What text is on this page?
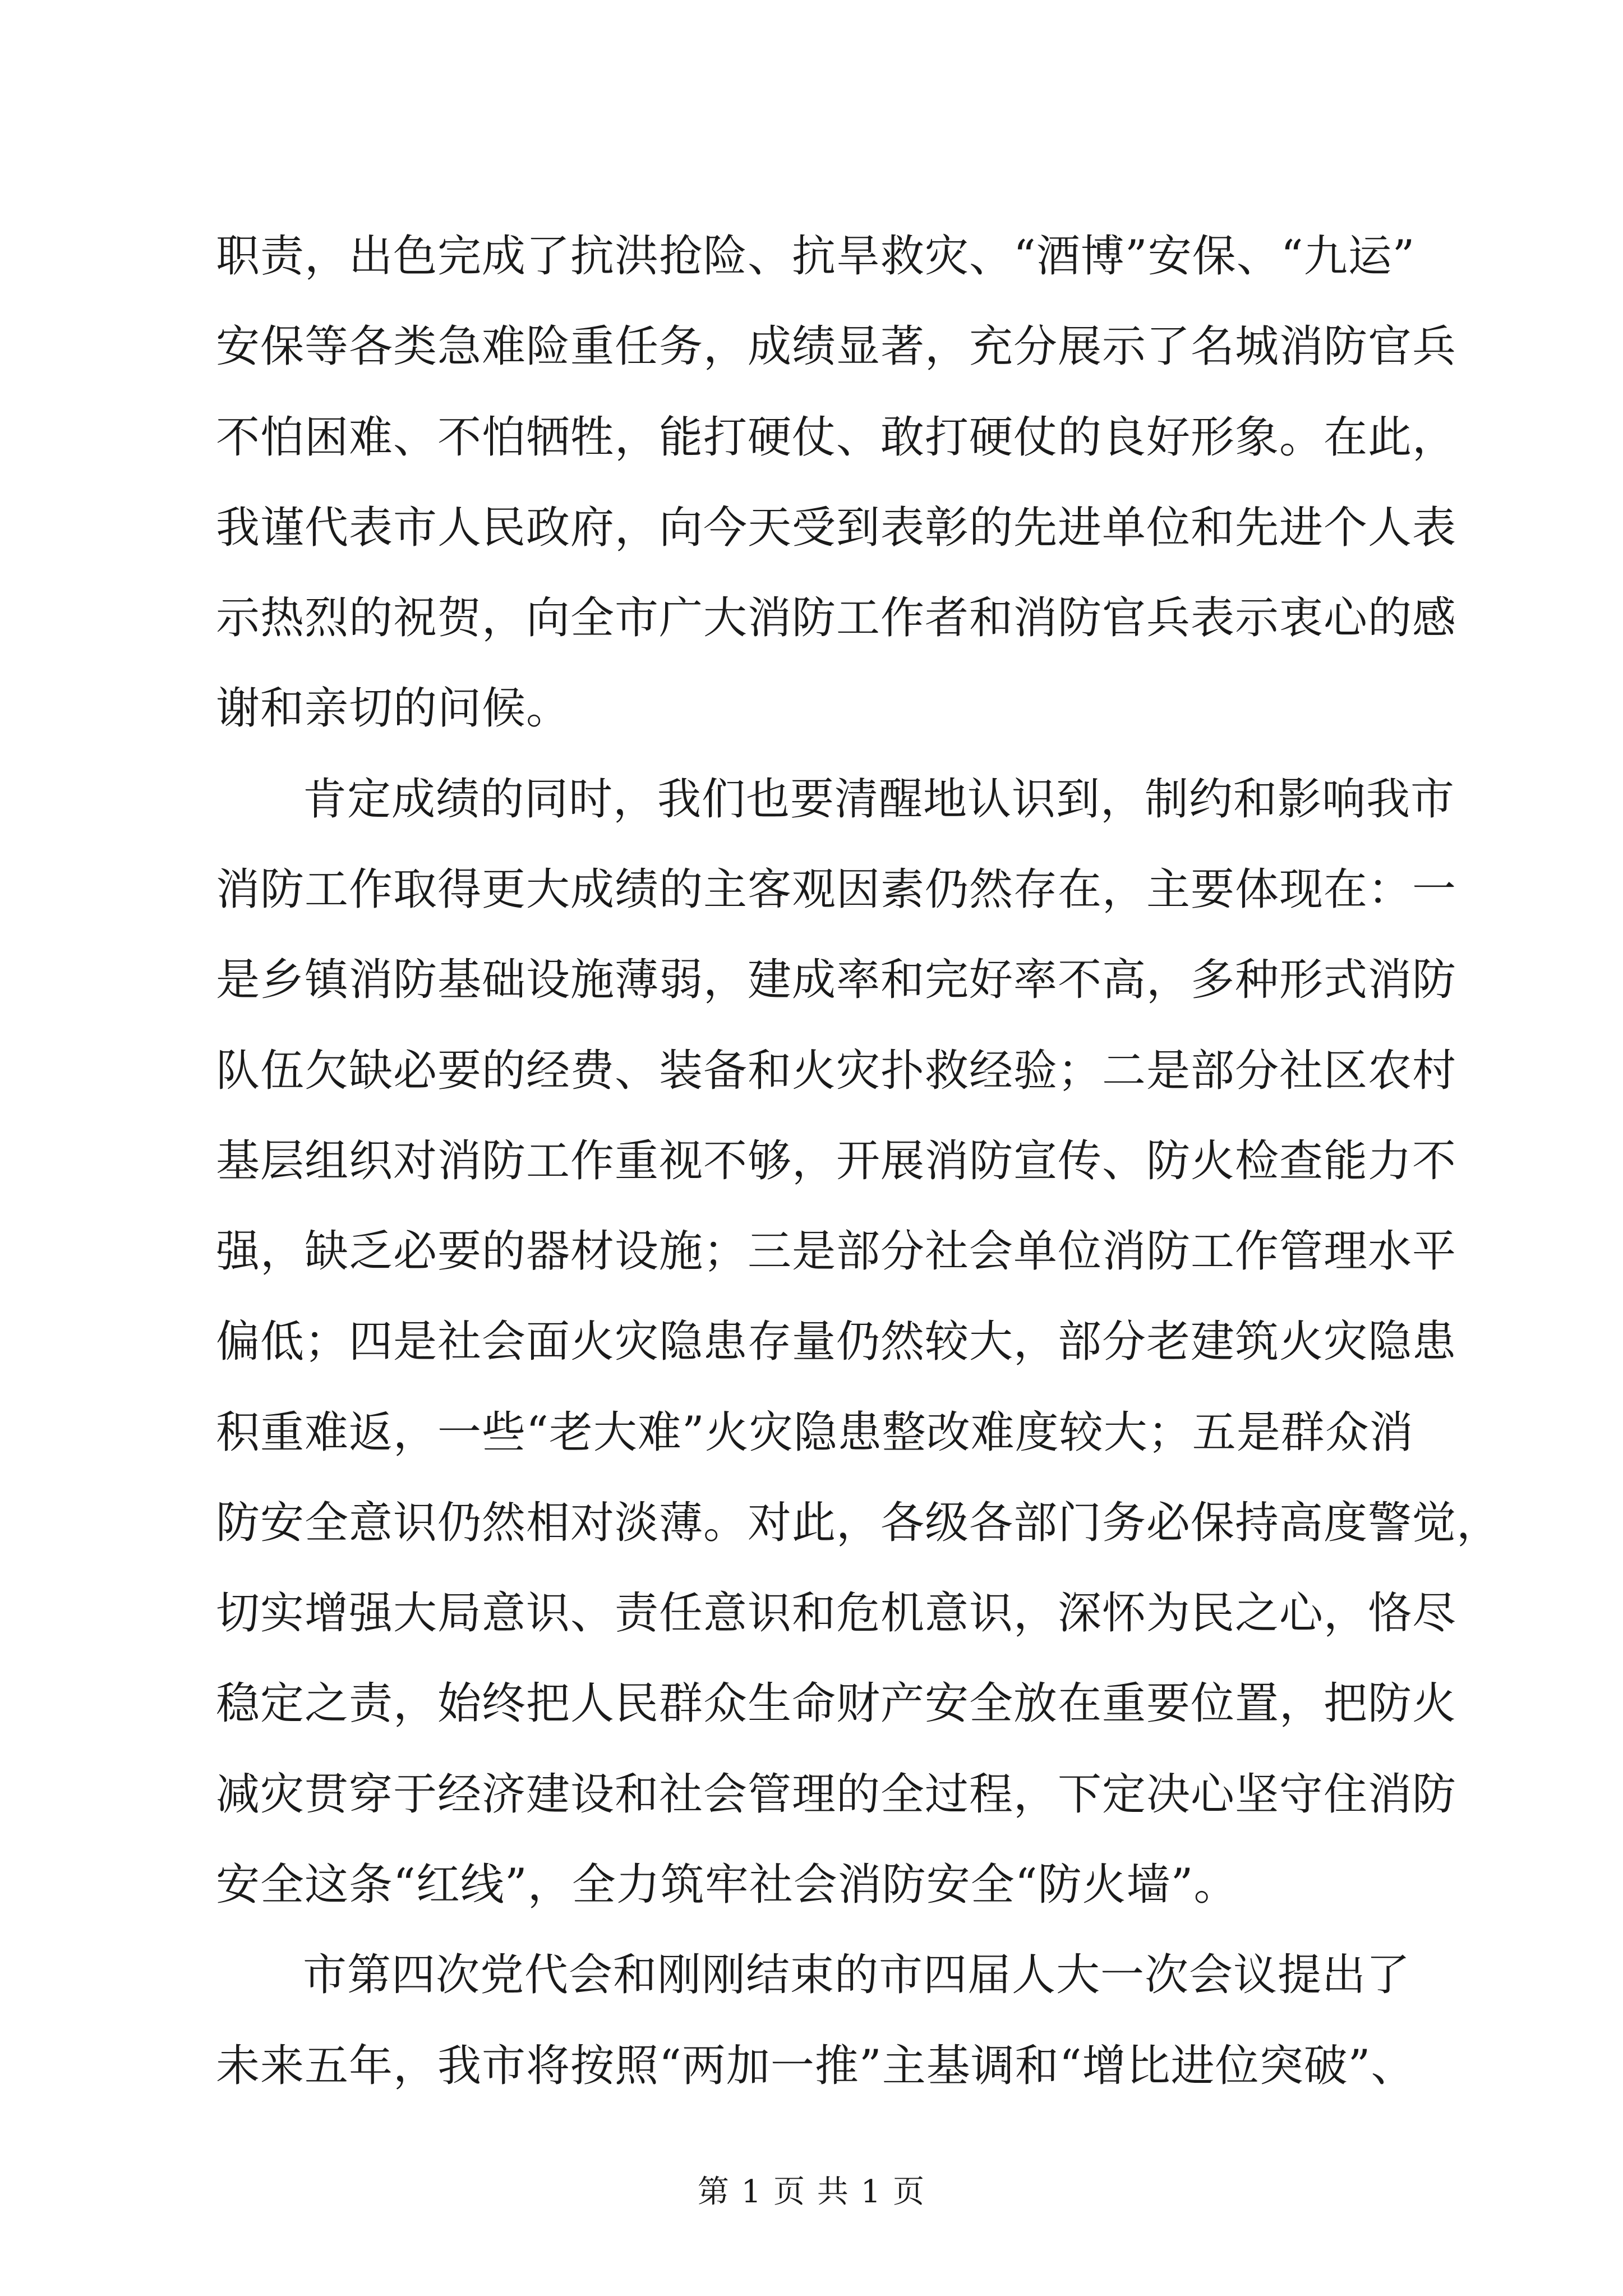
职责，出色完成了抗洪抢险、抗旱救灾、“酒博”安保、“九运”
安保等各类急难险重任务，成绩显著，充分展示了名城消防官兵
不怕困难、不怕牺牲，能打硬仗、敢打硬仗的良好形象。在此，
我谨代表市人民政府，向今天受到表彰的先进单位和先进个人表
示热烈的祝贺，向全市广大消防工作者和消防官兵表示衷心的感
谢和亲切的问候。
肯定成绩的同时，我们也要清醒地认识到，制约和影响我市
消防工作取得更大成绩的主客观因素仍然存在，主要体现在：一
是乡镇消防基础设施薄弱，建成率和完好率不高，多种形式消防
队伍欠缺必要的经费、装备和火灾扑救经验；二是部分社区农村
基层组织对消防工作重视不够，开展消防宣传、防火检查能力不
强，缺乏必要的器材设施；三是部分社会单位消防工作管理水平
偏低；四是社会面火灾隐患存量仍然较大，部分老建筑火灾隐患
积重难返，一些“老大难”火灾隐患整改难度较大；五是群众消
防安全意识仍然相对淡薄。对此，各级各部门务必保持高度警觉，
切实增强大局意识、责任意识和危机意识，深怀为民之心，恪尽
稳定之责，始终把人民群众生命财产安全放在重要位置，把防火
减灾贯穿于经济建设和社会管理的全过程，下定决心坚守住消防
安全这条“红线”，全力筑牢社会消防安全“防火墙”。
市第四次党代会和刚刚结束的市四届人大一次会议提出了
第 1 页 共 1 页
未来五年，我市将按照“两加一推”主基调和“增比进位突破”、
